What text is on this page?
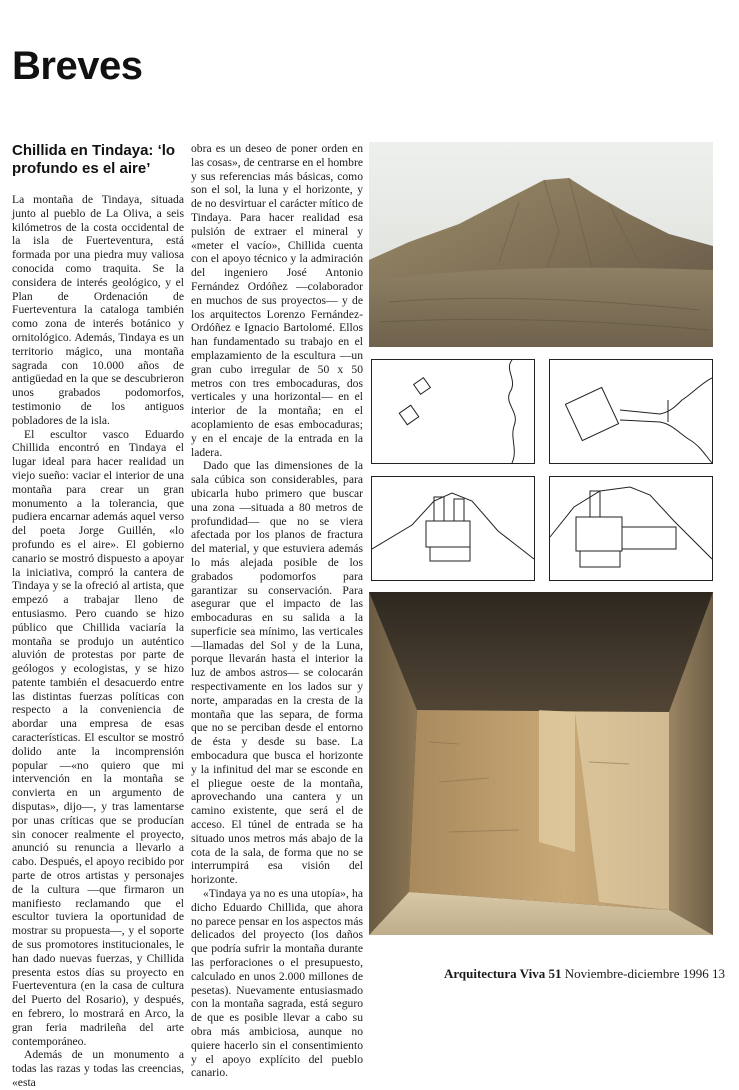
Breves
Chillida en Tindaya: ‘lo profundo es el aire’

La montaña de Tindaya, situada junto al pueblo de La Oliva, a seis kilómetros de la costa occidental de la isla de Fuerteventura, está formada por una piedra muy valiosa conocida como traquita. Se la considera de interés geológico, y el Plan de Ordenación de Fuerteventura la cataloga también como zona de interés botánico y ornitológico. Además, Tindaya es un territorio mágico, una montaña sagrada con 10.000 años de antigüedad en la que se descubrieron unos grabados podomorfos, testimonio de los antiguos pobladores de la isla.

El escultor vasco Eduardo Chillida encontró en Tindaya el lugar ideal para hacer realidad un viejo sueño: vaciar el interior de una montaña para crear un gran monumento a la tolerancia, que pudiera encarnar además aquel verso del poeta Jorge Guillén, «lo profundo es el aire». El gobierno canario se mostró dispuesto a apoyar la iniciativa, compró la cantera de Tindaya y se la ofreció al artista, que empezó a trabajar lleno de entusiasmo. Pero cuando se hizo público que Chillida vaciaría la montaña se produjo un auténtico aluvión de protestas por parte de geólogos y ecologistas, y se hizo patente también el desacuerdo entre las distintas fuerzas políticas con respecto a la conveniencia de abordar una empresa de esas características. El escultor se mostró dolido ante la incomprensión popular —«no quiero que mi intervención en la montaña se convierta en un argumento de disputas», dijo—, y tras lamentarse por unas críticas que se producían sin conocer realmente el proyecto, anunció su renuncia a llevarlo a cabo. Después, el apoyo recibido por parte de otros artistas y personajes de la cultura —que firmaron un manifiesto reclamando que el escultor tuviera la oportunidad de mostrar su propuesta—, y el soporte de sus promotores institucionales, le han dado nuevas fuerzas, y Chillida presenta estos días su proyecto en Fuerteventura (en la casa de cultura del Puerto del Rosario), y después, en febrero, lo mostrará en Arco, la gran feria madrileña del arte contemporáneo.

Además de un monumento a todas las razas y todas las creencias, «esta

obra es un deseo de poner orden en las cosas», de centrarse en el hombre y sus referencias más básicas, como son el sol, la luna y el horizonte, y de no desvirtuar el carácter mítico de Tindaya. Para hacer realidad esa pulsión de extraer el mineral y «meter el vacío», Chillida cuenta con el apoyo técnico y la admiración del ingeniero José Antonio Fernández Ordóñez —colaborador en muchos de sus proyectos— y de los arquitectos Lorenzo Fernández-Ordóñez e Ignacio Bartolomé. Ellos han fundamentado su trabajo en el emplazamiento de la escultura —un gran cubo irregular de 50 x 50 metros con tres embocaduras, dos verticales y una horizontal— en el interior de la montaña; en el acoplamiento de esas embocaduras; y en el encaje de la entrada en la ladera.

Dado que las dimensiones de la sala cúbica son considerables, para ubicarla hubo primero que buscar una zona —situada a 80 metros de profundidad— que no se viera afectada por los planos de fractura del material, y que estuviera además lo más alejada posible de los grabados podomorfos para garantizar su conservación. Para asegurar que el impacto de las embocaduras en su salida a la superficie sea mínimo, las verticales —llamadas del Sol y de la Luna, porque llevarán hasta el interior la luz de ambos astros— se colocarán respectivamente en los lados sur y norte, amparadas en la cresta de la montaña que las separa, de forma que no se perciban desde el entorno de ésta y desde su base. La embocadura que busca el horizonte y la infinitud del mar se esconde en el pliegue oeste de la montaña, aprovechando una cantera y un camino existente, que será el de acceso. El túnel de entrada se ha situado unos metros más abajo de la cota de la sala, de forma que no se interrumpirá esa visión del horizonte.

«Tindaya ya no es una utopía», ha dicho Eduardo Chillida, que ahora no parece pensar en los aspectos más delicados del proyecto (los daños que podría sufrir la montaña durante las perforaciones o el presupuesto, calculado en unos 2.000 millones de pesetas). Nuevamente entusiasmado con la montaña sagrada, está seguro de que es posible llevar a cabo su obra más ambiciosa, aunque no quiere hacerlo sin el consentimiento y el apoyo explícito del pueblo canario.

Arquitectura Viva 51 Noviembre-diciembre 1996 13
